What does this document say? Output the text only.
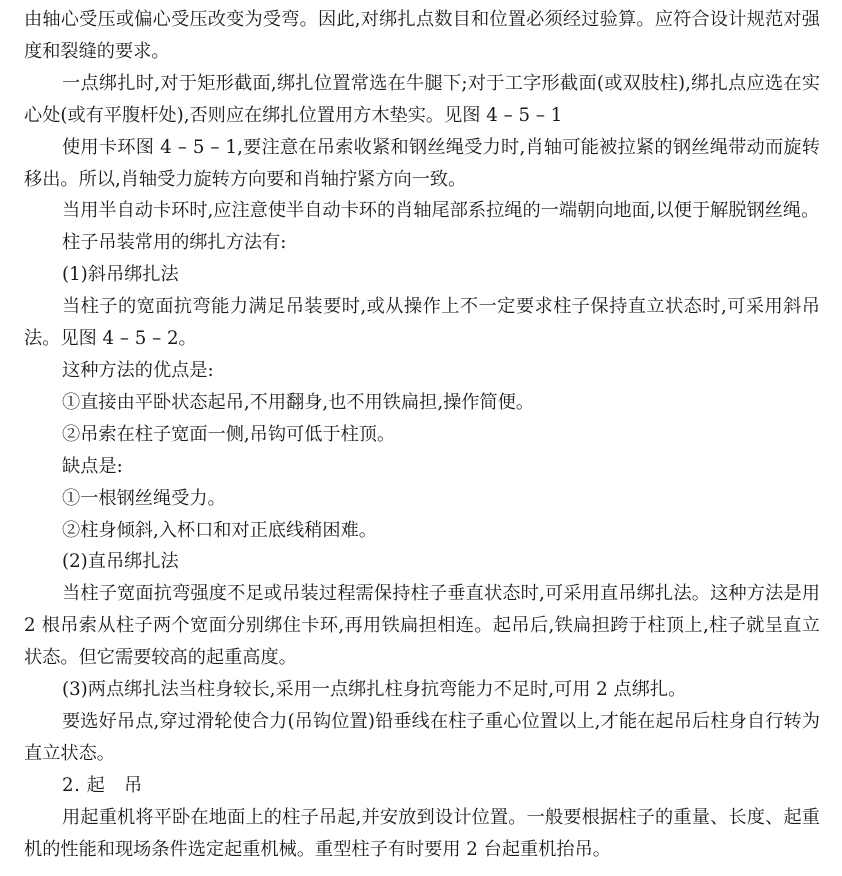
由轴心受压或偏心受压改变为受弯。因此,对绑扎点数目和位置必须经过验算。应符合设计规范对强度和裂缝的要求。

一点绑扎时,对于矩形截面,绑扎位置常选在牛腿下;对于工字形截面(或双肢柱),绑扎点应选在实心处(或有平腹杆处),否则应在绑扎位置用方木垫实。见图 4 – 5 – 1

使用卡环图 4 – 5 – 1,要注意在吊索收紧和钢丝绳受力时,肖轴可能被拉紧的钢丝绳带动而旋转移出。所以,肖轴受力旋转方向要和肖轴拧紧方向一致。

当用半自动卡环时,应注意使半自动卡环的肖轴尾部系拉绳的一端朝向地面,以便于解脱钢丝绳。

柱子吊装常用的绑扎方法有:

(1)斜吊绑扎法

当柱子的宽面抗弯能力满足吊装要时,或从操作上不一定要求柱子保持直立状态时,可采用斜吊法。见图 4 – 5 – 2。

这种方法的优点是:

①直接由平卧状态起吊,不用翻身,也不用铁扁担,操作简便。

②吊索在柱子宽面一侧,吊钩可低于柱顶。

缺点是:

①一根钢丝绳受力。

②柱身倾斜,入杯口和对正底线稍困难。

(2)直吊绑扎法

当柱子宽面抗弯强度不足或吊装过程需保持柱子垂直状态时,可采用直吊绑扎法。这种方法是用 2 根吊索从柱子两个宽面分别绑住卡环,再用铁扁担相连。起吊后,铁扁担跨于柱顶上,柱子就呈直立状态。但它需要较高的起重高度。

(3)两点绑扎法当柱身较长,采用一点绑扎柱身抗弯能力不足时,可用 2 点绑扎。

要选好吊点,穿过滑轮使合力(吊钩位置)铅垂线在柱子重心位置以上,才能在起吊后柱身自行转为直立状态。

2. 起　吊

用起重机将平卧在地面上的柱子吊起,并安放到设计位置。一般要根据柱子的重量、长度、起重机的性能和现场条件选定起重机械。重型柱子有时要用 2 台起重机抬吊。
